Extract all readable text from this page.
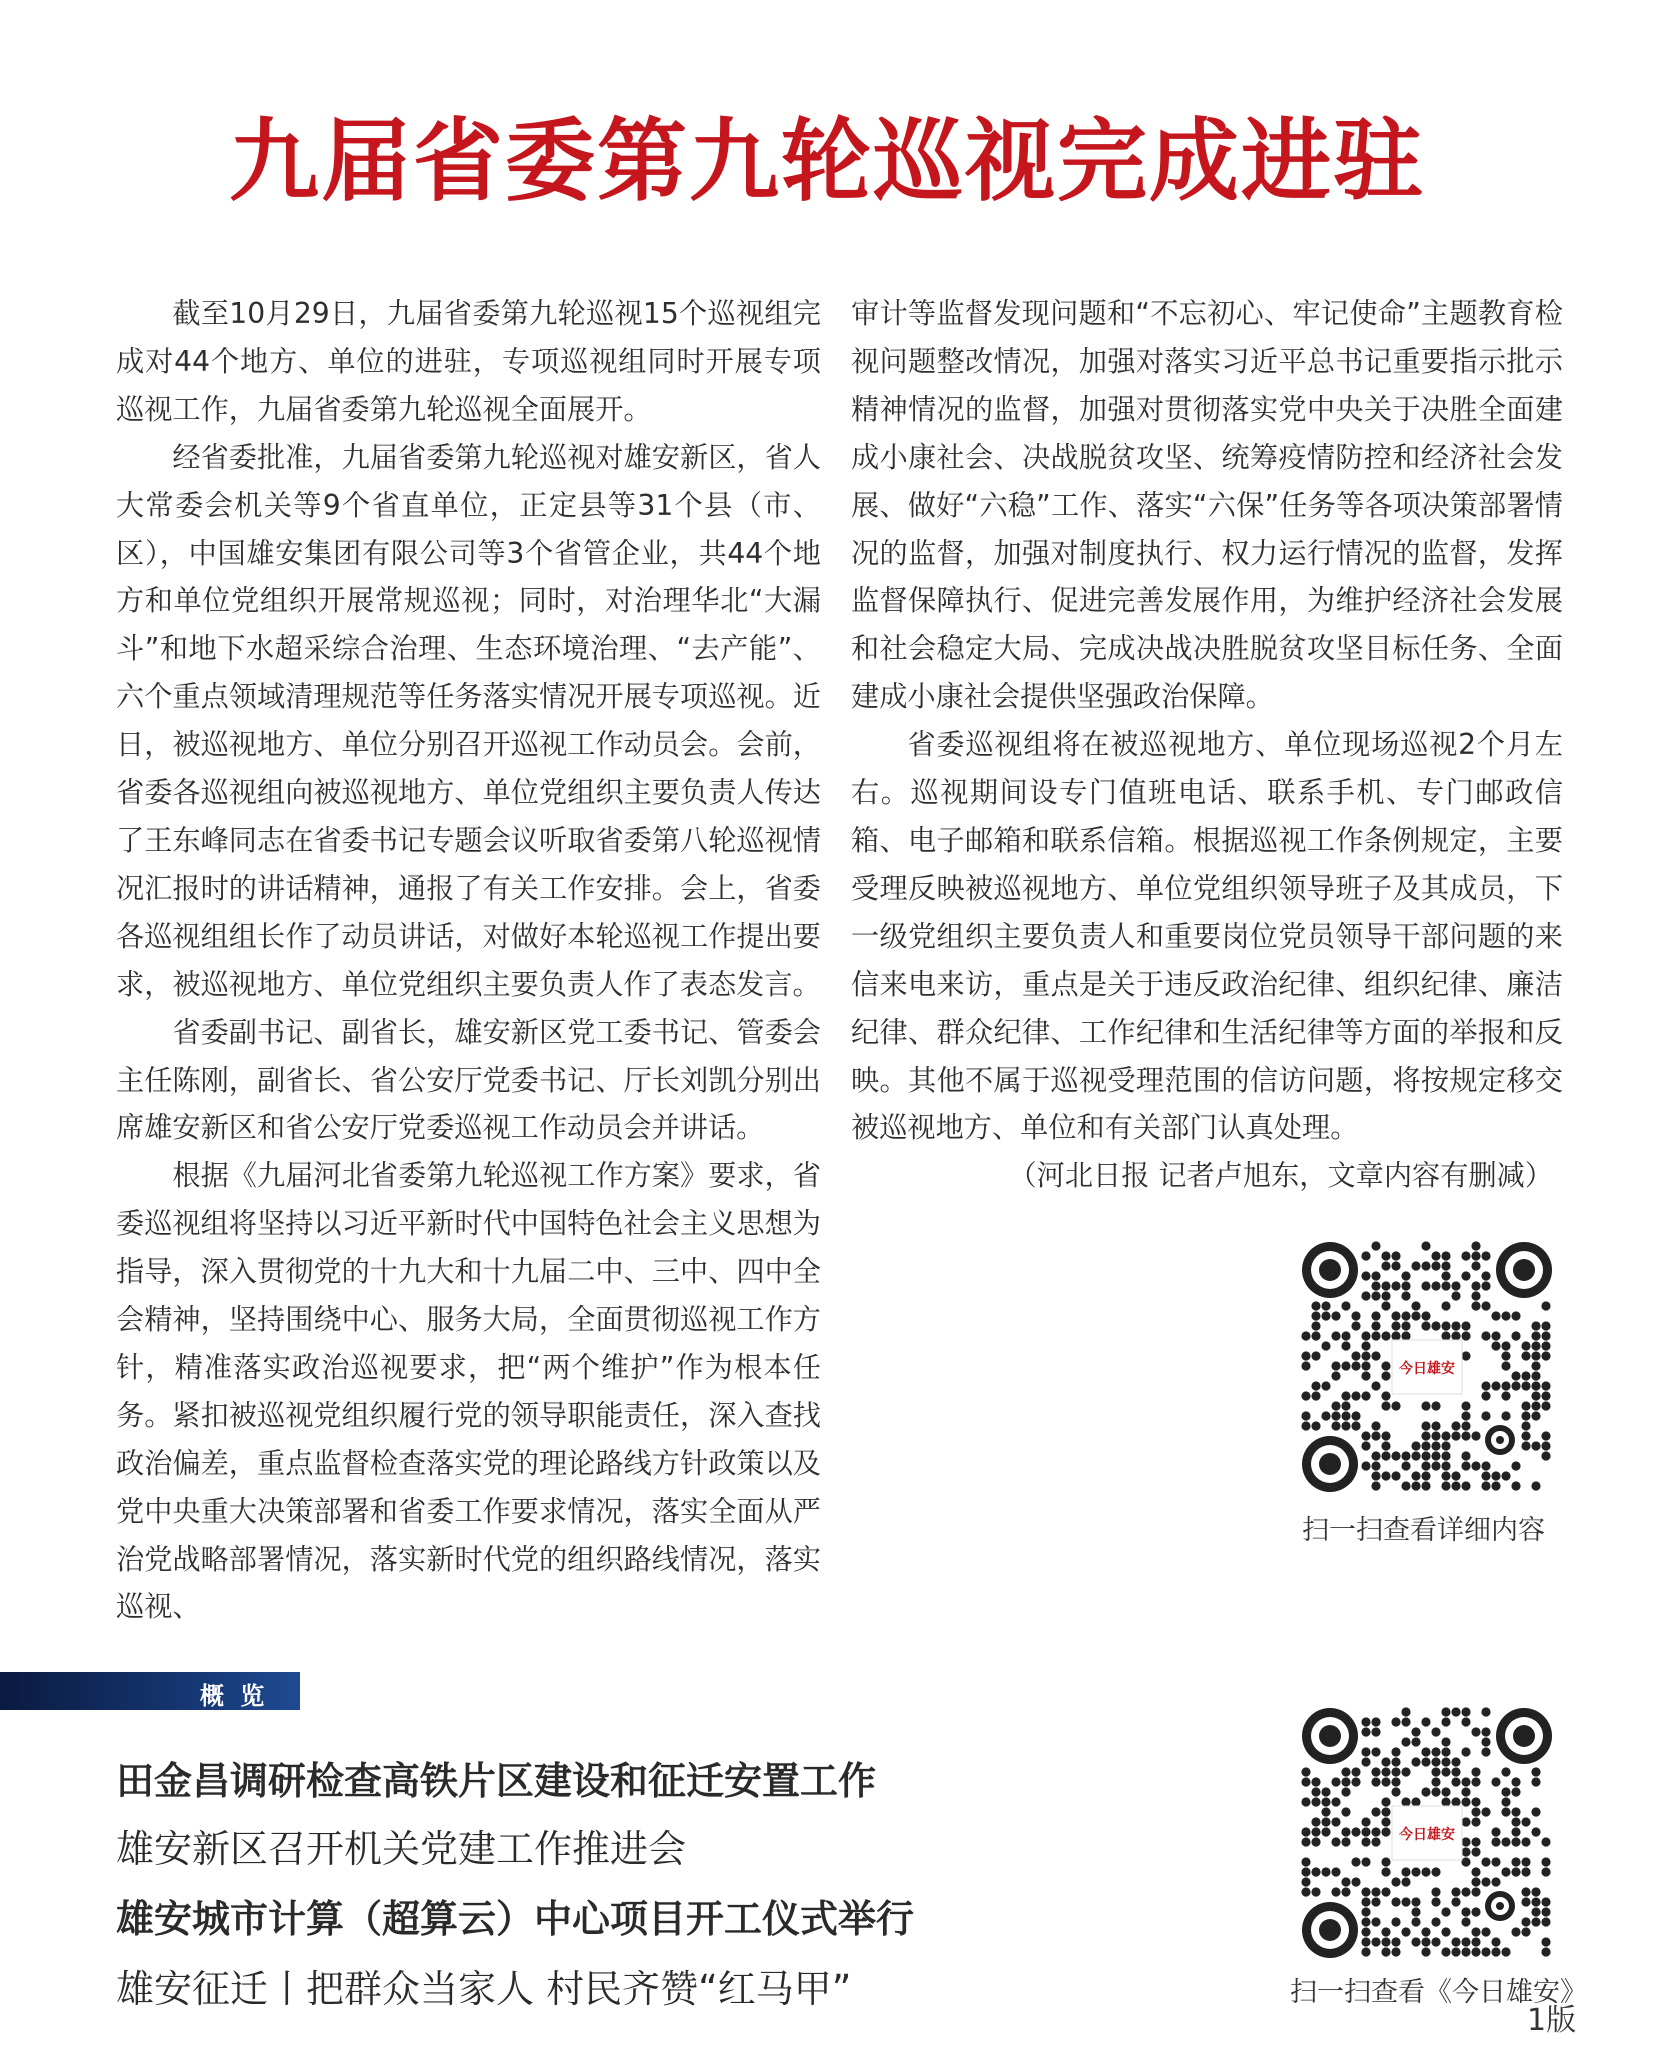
九届省委第九轮巡视完成进驻

截至10月29日，九届省委第九轮巡视15个巡视组完成对44个地方、单位的进驻，专项巡视组同时开展专项巡视工作，九届省委第九轮巡视全面展开。

经省委批准，九届省委第九轮巡视对雄安新区，省人大常委会机关等9个省直单位，正定县等31个县（市、区），中国雄安集团有限公司等3个省管企业，共44个地方和单位党组织开展常规巡视；同时，对治理华北“大漏斗”和地下水超采综合治理、生态环境治理、“去产能”、六个重点领域清理规范等任务落实情况开展专项巡视。近日，被巡视地方、单位分别召开巡视工作动员会。会前，省委各巡视组向被巡视地方、单位党组织主要负责人传达了王东峰同志在省委书记专题会议听取省委第八轮巡视情况汇报时的讲话精神，通报了有关工作安排。会上，省委各巡视组组长作了动员讲话，对做好本轮巡视工作提出要求，被巡视地方、单位党组织主要负责人作了表态发言。

省委副书记、副省长，雄安新区党工委书记、管委会主任陈刚，副省长、省公安厅党委书记、厅长刘凯分别出席雄安新区和省公安厅党委巡视工作动员会并讲话。

根据《九届河北省委第九轮巡视工作方案》要求，省委巡视组将坚持以习近平新时代中国特色社会主义思想为指导，深入贯彻党的十九大和十九届二中、三中、四中全会精神，坚持围绕中心、服务大局，全面贯彻巡视工作方针，精准落实政治巡视要求，把“两个维护”作为根本任务。紧扣被巡视党组织履行党的领导职能责任，深入查找政治偏差，重点监督检查落实党的理论路线方针政策以及党中央重大决策部署和省委工作要求情况，落实全面从严治党战略部署情况，落实新时代党的组织路线情况，落实巡视、

审计等监督发现问题和“不忘初心、牢记使命”主题教育检视问题整改情况，加强对落实习近平总书记重要指示批示精神情况的监督，加强对贯彻落实党中央关于决胜全面建成小康社会、决战脱贫攻坚、统筹疫情防控和经济社会发展、做好“六稳”工作、落实“六保”任务等各项决策部署情况的监督，加强对制度执行、权力运行情况的监督，发挥监督保障执行、促进完善发展作用，为维护经济社会发展和社会稳定大局、完成决战决胜脱贫攻坚目标任务、全面建成小康社会提供坚强政治保障。

省委巡视组将在被巡视地方、单位现场巡视2个月左右。巡视期间设专门值班电话、联系手机、专门邮政信箱、电子邮箱和联系信箱。根据巡视工作条例规定，主要受理反映被巡视地方、单位党组织领导班子及其成员，下一级党组织主要负责人和重要岗位党员领导干部问题的来信来电来访，重点是关于违反政治纪律、组织纪律、廉洁纪律、群众纪律、工作纪律和生活纪律等方面的举报和反映。其他不属于巡视受理范围的信访问题，将按规定移交被巡视地方、单位和有关部门认真处理。

（河北日报 记者卢旭东，文章内容有删减）

今日雄安
扫一扫查看详细内容
概 览
田金昌调研检查高铁片区建设和征迁安置工作
雄安新区召开机关党建工作推进会
雄安城市计算（超算云）中心项目开工仪式举行
雄安征迁丨把群众当家人 村民齐赞“红马甲”
今日雄安
扫一扫查看《今日雄安》
1版
